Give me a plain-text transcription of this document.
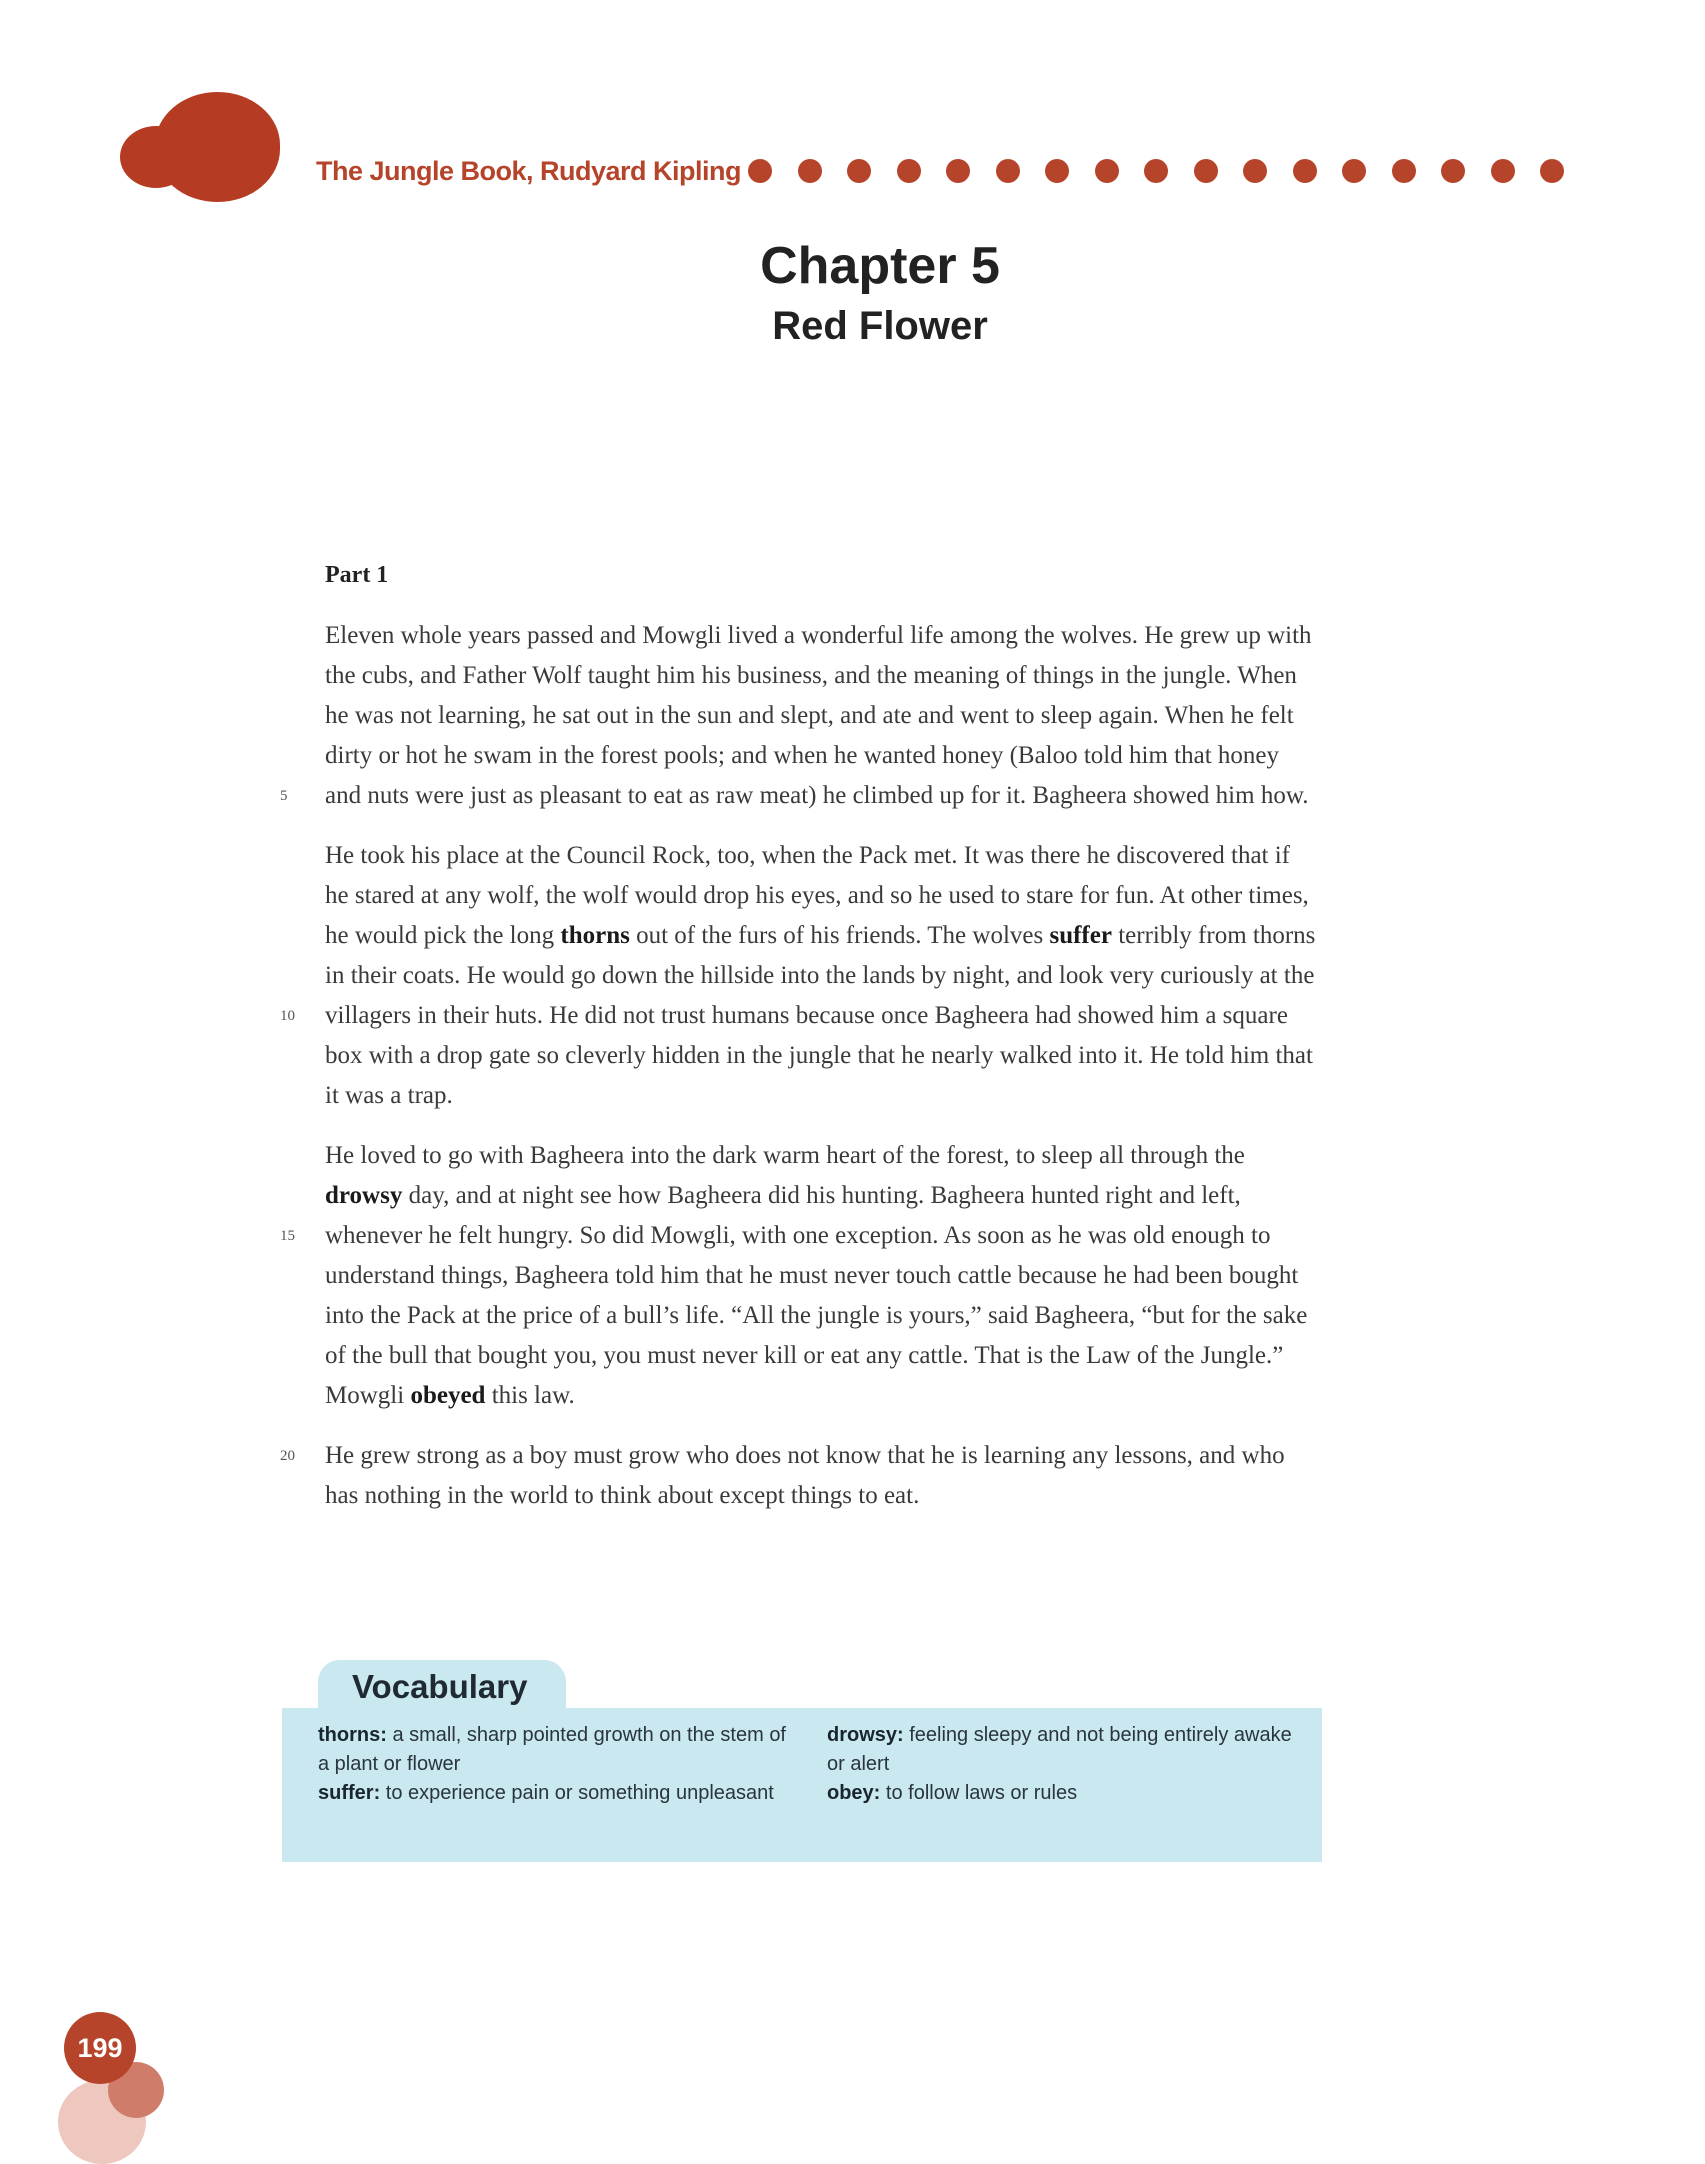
The Jungle Book, Rudyard Kipling
Chapter 5
Red Flower
Part 1
Eleven whole years passed and Mowgli lived a wonderful life among the wolves. He grew up with
the cubs, and Father Wolf taught him his business, and the meaning of things in the jungle. When
he was not learning, he sat out in the sun and slept, and ate and went to sleep again. When he felt
dirty or hot he swam in the forest pools; and when he wanted honey (Baloo told him that honey
5	and nuts were just as pleasant to eat as raw meat) he climbed up for it. Bagheera showed him how.
He took his place at the Council Rock, too, when the Pack met. It was there he discovered that if
he stared at any wolf, the wolf would drop his eyes, and so he used to stare for fun. At other times,
he would pick the long thorns out of the furs of his friends. The wolves suffer terribly from thorns
in their coats. He would go down the hillside into the lands by night, and look very curiously at the
10	villagers in their huts. He did not trust humans because once Bagheera had showed him a square
box with a drop gate so cleverly hidden in the jungle that he nearly walked into it. He told him that
it was a trap.
He loved to go with Bagheera into the dark warm heart of the forest, to sleep all through the
drowsy day, and at night see how Bagheera did his hunting. Bagheera hunted right and left,
15	whenever he felt hungry. So did Mowgli, with one exception. As soon as he was old enough to
understand things, Bagheera told him that he must never touch cattle because he had been bought
into the Pack at the price of a bull’s life. “All the jungle is yours,” said Bagheera, “but for the sake
of the bull that bought you, you must never kill or eat any cattle. That is the Law of the Jungle.”
Mowgli obeyed this law.
20	He grew strong as a boy must grow who does not know that he is learning any lessons, and who
has nothing in the world to think about except things to eat.
Vocabulary

thorns: a small, sharp pointed growth on the stem of a plant or flower

suffer: to experience pain or something unpleasant

drowsy: feeling sleepy and not being entirely awake or alert

obey: to follow laws or rules

199
